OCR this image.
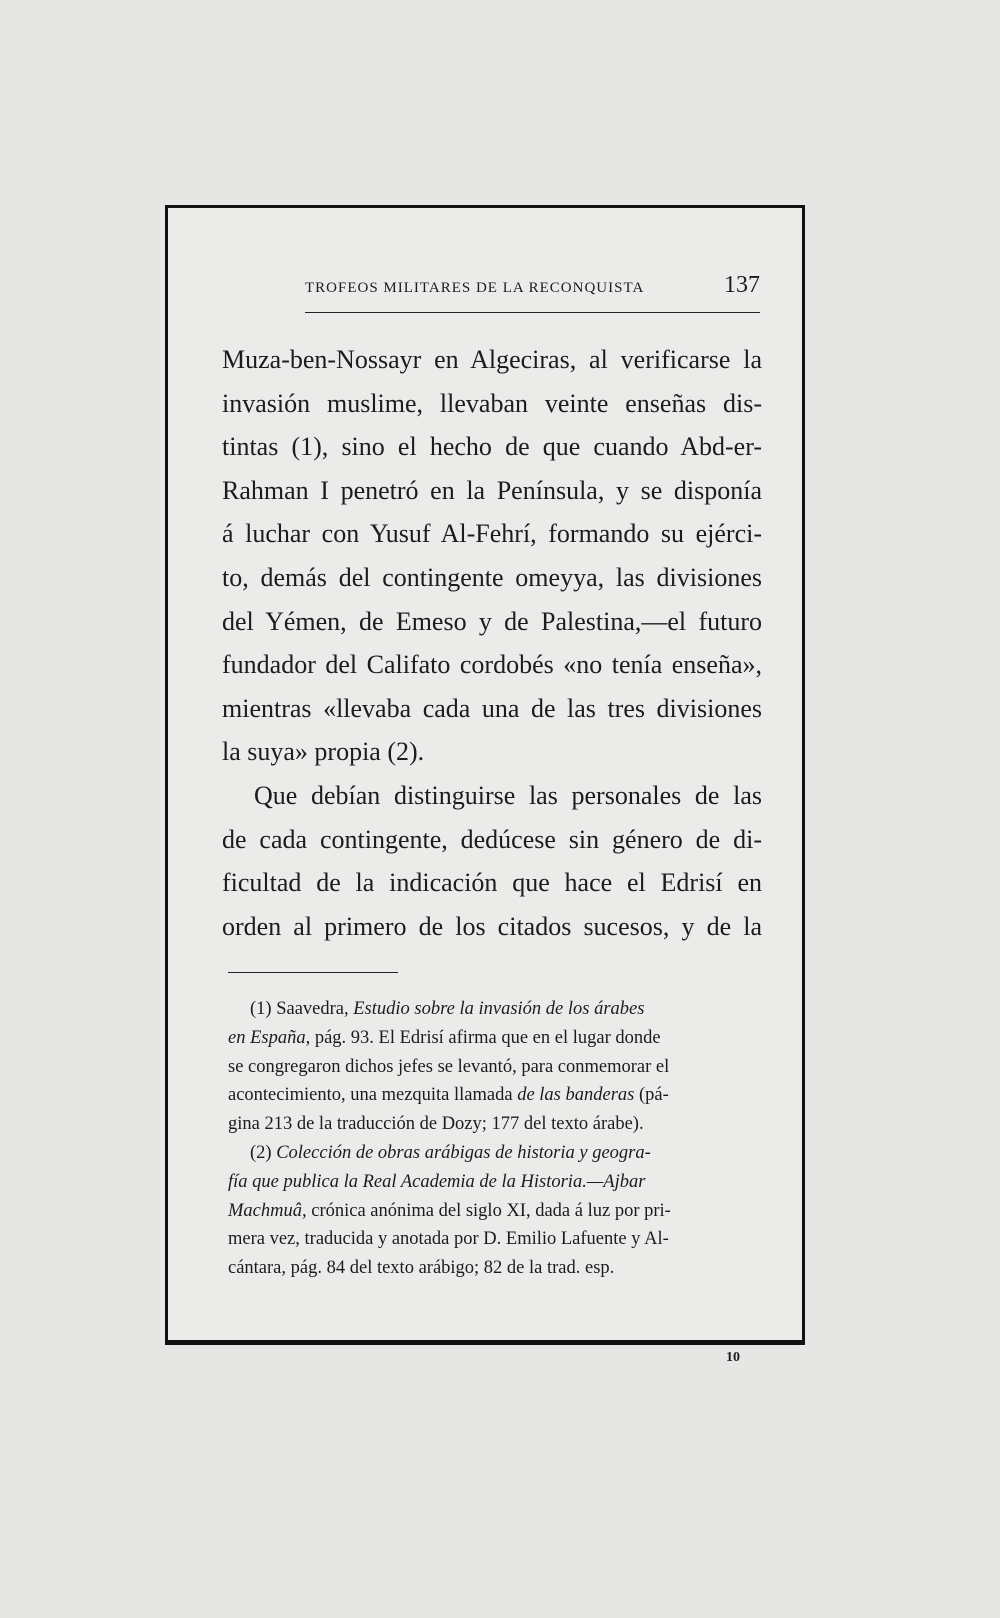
TROFEOS MILITARES DE LA RECONQUISTA	137
Muza-ben-Nossayr en Algeciras, al verificarse la
invasión muslime, llevaban veinte enseñas dis-
tintas (1), sino el hecho de que cuando Abd-er-
Rahman I penetró en la Península, y se disponía
á luchar con Yusuf Al-Fehrí, formando su ejérci-
to, demás del contingente omeyya, las divisiones
del Yémen, de Emeso y de Palestina,—el futuro
fundador del Califato cordobés «no tenía enseña»,
mientras «llevaba cada una de las tres divisiones
la suya» propia (2).
Que debían distinguirse las personales de las
de cada contingente, dedúcese sin género de di-
ficultad de la indicación que hace el Edrisí en
orden al primero de los citados sucesos, y de la
(1) Saavedra, Estudio sobre la invasión de los árabes
en España, pág. 93. El Edrisí afirma que en el lugar donde
se congregaron dichos jefes se levantó, para conmemorar el
acontecimiento, una mezquita llamada de las banderas (pá-
gina 213 de la traducción de Dozy; 177 del texto árabe).
(2) Colección de obras arábigas de historia y geogra-
fía que publica la Real Academia de la Historia.—Ajbar
Machmuâ, crónica anónima del siglo XI, dada á luz por pri-
mera vez, traducida y anotada por D. Emilio Lafuente y Al-
cántara, pág. 84 del texto arábigo; 82 de la trad. esp.
10
